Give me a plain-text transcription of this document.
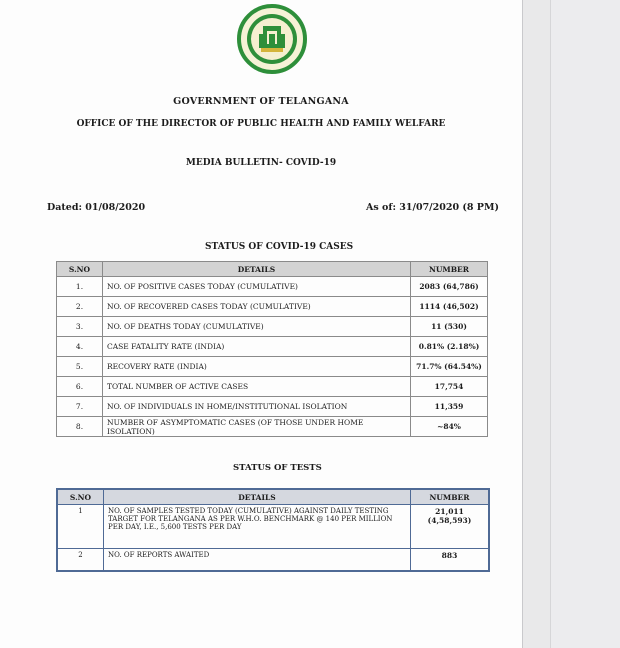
GOVERNMENT OF TELANGANA
OFFICE OF THE DIRECTOR OF PUBLIC HEALTH AND FAMILY WELFARE
MEDIA BULLETIN- COVID-19
Dated: 01/08/2020	As of: 31/07/2020 (8 PM)
STATUS OF COVID-19 CASES
S.NO	DETAILS	NUMBER
1.	NO. OF POSITIVE CASES TODAY (CUMULATIVE)	2083 (64,786)
2.	NO. OF RECOVERED CASES TODAY (CUMULATIVE)	1114 (46,502)
3.	NO. OF DEATHS TODAY (CUMULATIVE)	11 (530)
4.	CASE FATALITY RATE (INDIA)	0.81% (2.18%)
5.	RECOVERY RATE (INDIA)	71.7% (64.54%)
6.	TOTAL NUMBER OF ACTIVE CASES	17,754
7.	NO. OF INDIVIDUALS IN HOME/INSTITUTIONAL ISOLATION	11,359
8.	NUMBER OF ASYMPTOMATIC CASES (OF THOSE UNDER HOME ISOLATION)	~84%
STATUS OF TESTS
S.NO	DETAILS	NUMBER
1	NO. OF SAMPLES TESTED TODAY (CUMULATIVE) AGAINST DAILY TESTING TARGET FOR TELANGANA AS PER W.H.O. BENCHMARK @ 140 PER MILLION PER DAY, I.E., 5,600 TESTS PER DAY	21,011
(4,58,593)

2	NO. OF REPORTS AWAITED	883
